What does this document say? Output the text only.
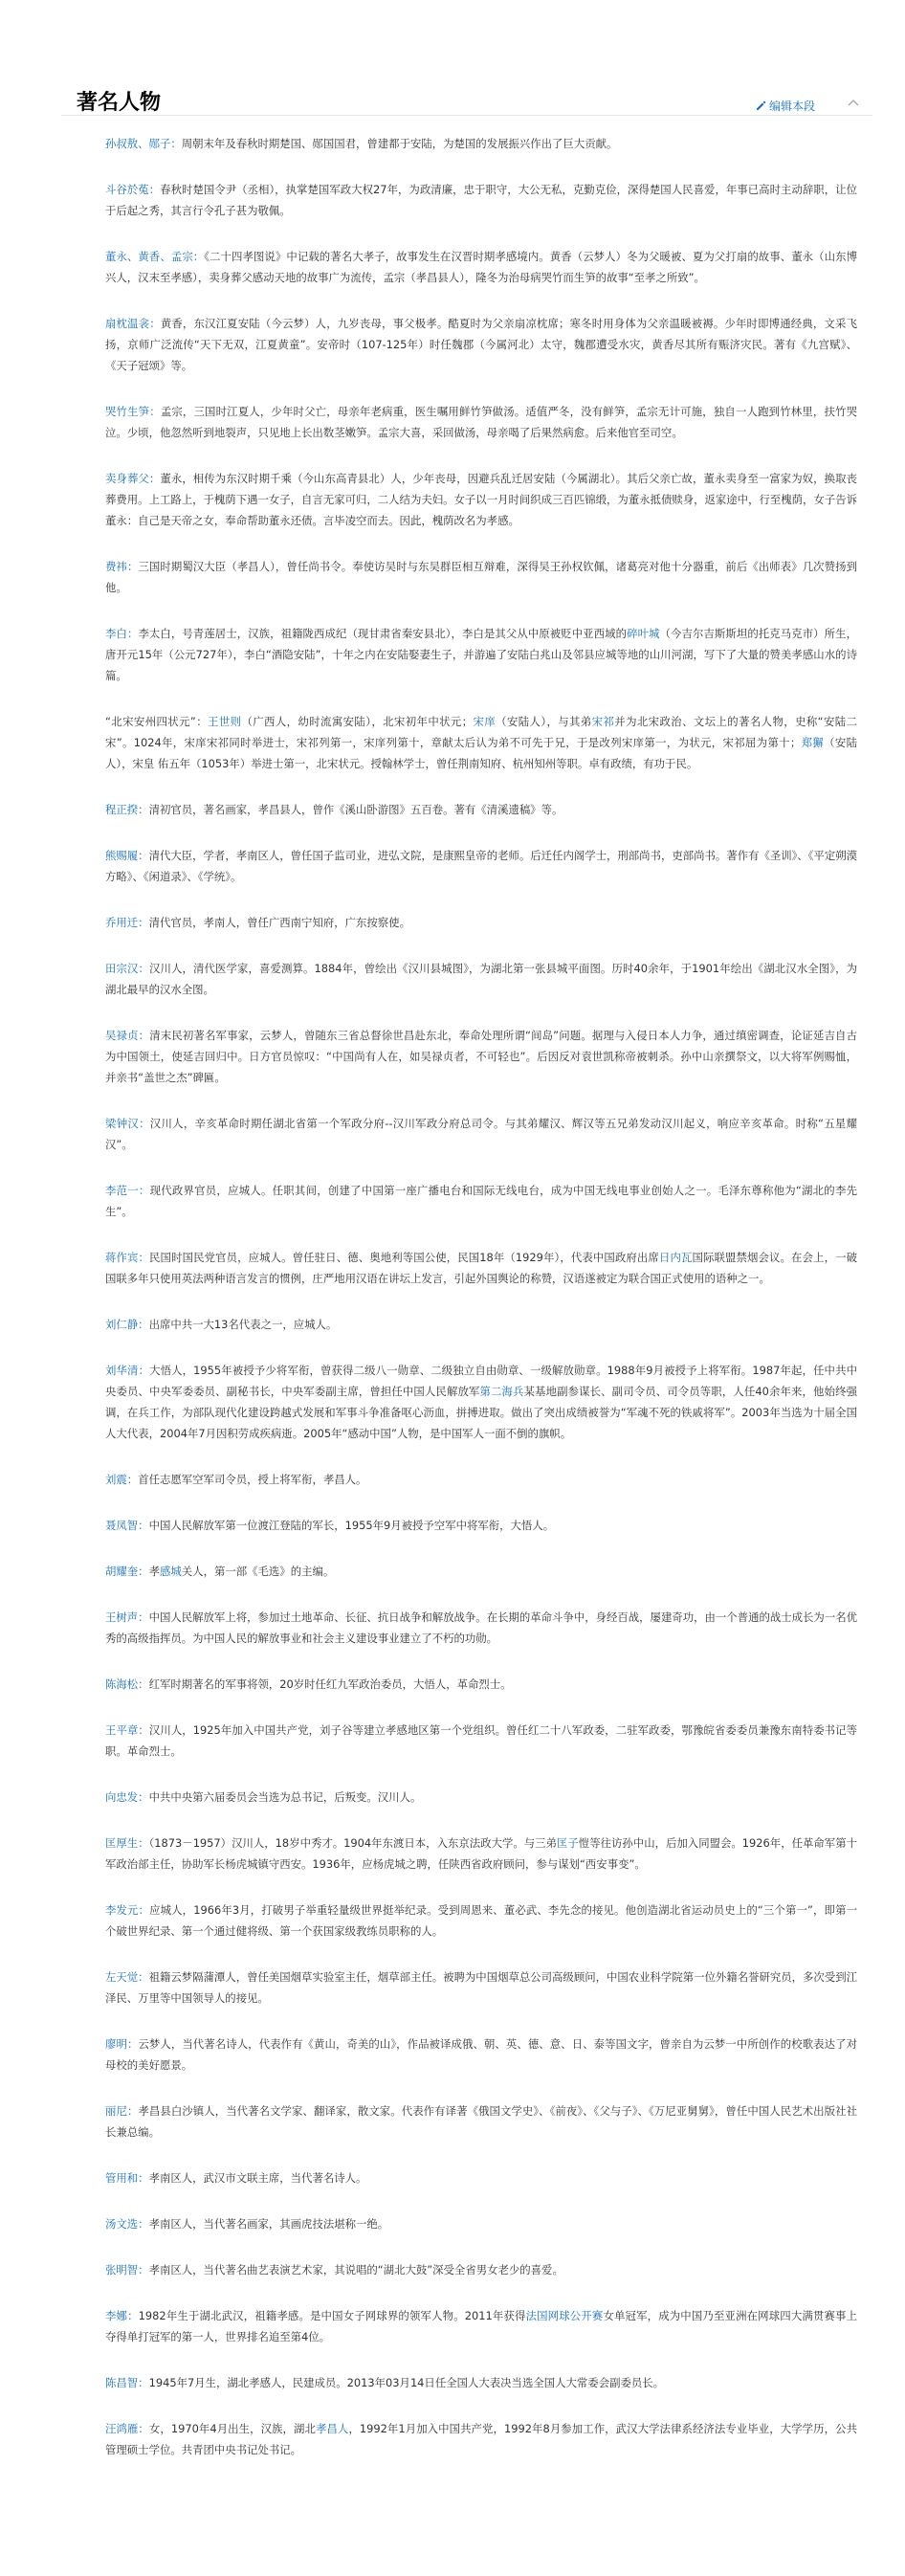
著名人物	编辑本段

孙叔敖、郧子：周朝末年及春秋时期楚国、郧国国君，曾建都于安陆，为楚国的发展振兴作出了巨大贡献。

斗谷於菟：春秋时楚国令尹（丞相），执掌楚国军政大权27年，为政清廉，忠于职守，大公无私，克勤克俭，深得楚国人民喜爱，年事已高时主动辞职，让位于后起之秀，其言行令孔子甚为敬佩。

董永、黄香、孟宗：《二十四孝图说》中记载的著名大孝子，故事发生在汉晋时期孝感境内。黄香（云梦人）冬为父暖被、夏为父打扇的故事、董永（山东博兴人，汉末至孝感），卖身葬父感动天地的故事广为流传，孟宗（孝昌县人），隆冬为治母病哭竹而生笋的故事“至孝之所致”。

扇枕温衾：黄香，东汉江夏安陆（今云梦）人，九岁丧母，事父极孝。酷夏时为父亲扇凉枕席；寒冬时用身体为父亲温暖被褥。少年时即博通经典，文采飞扬，京师广泛流传“天下无双，江夏黄童”。安帝时（107-125年）时任魏郡（今属河北）太守，魏郡遭受水灾，黄香尽其所有赈济灾民。著有《九宫赋》、《天子冠颂》等。

哭竹生笋：孟宗，三国时江夏人，少年时父亡，母亲年老病重，医生嘱用鲜竹笋做汤。适值严冬，没有鲜笋，孟宗无计可施，独自一人跑到竹林里，扶竹哭泣。少顷，他忽然听到地裂声，只见地上长出数茎嫩笋。孟宗大喜，采回做汤，母亲喝了后果然病愈。后来他官至司空。

卖身葬父：董永，相传为东汉时期千乘（今山东高青县北）人，少年丧母，因避兵乱迁居安陆（今属湖北）。其后父亲亡故，董永卖身至一富家为奴，换取丧葬费用。上工路上，于槐荫下遇一女子，自言无家可归，二人结为夫妇。女子以一月时间织成三百匹锦缎，为董永抵债赎身，返家途中，行至槐荫，女子告诉董永：自己是天帝之女，奉命帮助董永还债。言毕凌空而去。因此，槐荫改名为孝感。

费祎：三国时期蜀汉大臣（孝昌人），曾任尚书令。奉使访吴时与东吴群臣相互辩难，深得吴王孙权钦佩，诸葛亮对他十分器重，前后《出师表》几次赞扬到他。

李白：李太白，号青莲居士，汉族，祖籍陇西成纪（现甘肃省秦安县北），李白是其父从中原被贬中亚西域的碎叶城（今吉尔吉斯斯坦的托克马克市）所生，唐开元15年（公元727年），李白“酒隐安陆”，十年之内在安陆娶妻生子，并游遍了安陆白兆山及邻县应城等地的山川河湖，写下了大量的赞美孝感山水的诗篇。

“北宋安州四状元”：王世则（广西人，幼时流寓安陆），北宋初年中状元；宋庠（安陆人），与其弟宋祁并为北宋政治、文坛上的著名人物，史称“安陆二宋”。1024年，宋庠宋祁同时举进士，宋祁列第一，宋庠列第十，章献太后认为弟不可先于兄，于是改列宋庠第一，为状元，宋祁屈为第十；郑獬（安陆人），宋皇 佑五年（1053年）举进士第一，北宋状元。授翰林学士，曾任荆南知府、杭州知州等职。卓有政绩，有功于民。

程正揆：清初官员，著名画家，孝昌县人，曾作《溪山卧游图》五百卷。著有《清溪遗稿》等。

熊赐履：清代大臣，学者，孝南区人，曾任国子监司业，进弘文院，是康熙皇帝的老师。后迁任内阁学士，刑部尚书，吏部尚书。著作有《圣训》、《平定朔漠方略》、《闲道录》、《学统》。

乔用迁：清代官员，孝南人，曾任广西南宁知府，广东按察使。

田宗汉：汉川人，清代医学家，喜爱测算。1884年，曾绘出《汉川县城图》，为湖北第一张县城平面图。历时40余年，于1901年绘出《湖北汉水全图》，为湖北最早的汉水全图。

吴禄贞：清末民初著名军事家，云梦人，曾随东三省总督徐世昌赴东北，奉命处理所谓“间岛”问题。据理与入侵日本人力争，通过缜密调查，论证延吉自古为中国领土，使延吉回归中。日方官员惊叹：“中国尚有人在，如吴禄贞者，不可轻也”。后因反对袁世凯称帝被刺杀。孙中山亲撰祭文，以大将军例赐恤，并亲书“盖世之杰”碑匾。

梁钟汉：汉川人，辛亥革命时期任湖北省第一个军政分府--汉川军政分府总司令。与其弟耀汉、辉汉等五兄弟发动汉川起义，响应辛亥革命。时称“五星耀汉”。

李范一：现代政界官员，应城人。任职其间，创建了中国第一座广播电台和国际无线电台，成为中国无线电事业创始人之一。毛泽东尊称他为“湖北的李先生”。

蒋作宾：民国时国民党官员，应城人。曾任驻日、德、奥地利等国公使，民国18年（1929年），代表中国政府出席日内瓦国际联盟禁烟会议。在会上，一破国联多年只使用英法两种语言发言的惯例，庄严地用汉语在讲坛上发言，引起外国舆论的称赞，汉语遂被定为联合国正式使用的语种之一。

刘仁静：出席中共一大13名代表之一，应城人。

刘华清：大悟人，1955年被授予少将军衔，曾获得二级八一勋章、二级独立自由勋章、一级解放勋章。1988年9月被授予上将军衔。1987年起，任中共中央委员、中央军委委员、副秘书长，中央军委副主席，曾担任中国人民解放军第二海兵某基地副参谋长、副司令员、司令员等职，人任40余年来，他始终强调，在兵工作，为部队现代化建设跨越式发展和军事斗争准备呕心沥血，拼搏进取。做出了突出成绩被誉为“军魂不死的铁戚将军”。2003年当选为十届全国人大代表，2004年7月因积劳成疾病逝。2005年“感动中国”人物，是中国军人一面不倒的旗帜。

刘震：首任志愿军空军司令员，授上将军衔，孝昌人。

聂凤智：中国人民解放军第一位渡江登陆的军长，1955年9月被授予空军中将军衔，大悟人。

胡耀奎：孝感城关人，第一部《毛选》的主编。

王树声：中国人民解放军上将，参加过土地革命、长征、抗日战争和解放战争。在长期的革命斗争中，身经百战，屡建奇功，由一个普通的战士成长为一名优秀的高级指挥员。为中国人民的解放事业和社会主义建设事业建立了不朽的功勋。

陈海松：红军时期著名的军事将领，20岁时任红九军政治委员，大悟人，革命烈士。

王平章：汉川人，1925年加入中国共产党，刘子谷等建立孝感地区第一个党组织。曾任红二十八军政委，二驻军政委，鄂豫皖省委委员兼豫东南特委书记等职。革命烈士。

向忠发：中共中央第六届委员会当选为总书记，后叛变。汉川人。

匡厚生：（1873－1957）汉川人，18岁中秀才。1904年东渡日本，入东京法政大学。与三弟匡子愷等往访孙中山，后加入同盟会。1926年，任革命军第十军政治部主任，协助军长杨虎城镇守西安。1936年，应杨虎城之聘，任陕西省政府顾问，参与谋划“西安事变”。

李发元：应城人，1966年3月，打破男子举重轻量级世界挺举纪录。受到周恩来、董必武、李先念的接见。他创造湖北省运动员史上的“三个第一”，即第一个破世界纪录、第一个通过健将级、第一个获国家级教练员职称的人。

左天觉：祖籍云梦隔蒲潭人，曾任美国烟草实验室主任，烟草部主任。被聘为中国烟草总公司高级顾问，中国农业科学院第一位外籍名誉研究员，多次受到江泽民、万里等中国领导人的接见。

廖明：云梦人，当代著名诗人，代表作有《黄山，奇美的山》，作品被译成俄、朝、英、德、意、日、泰等国文字，曾亲自为云梦一中所创作的校歌表达了对母校的美好愿景。

丽尼：孝昌县白沙镇人，当代著名文学家、翻译家，散文家。代表作有译著《俄国文学史》、《前夜》、《父与子》、《万尼亚舅舅》，曾任中国人民艺术出版社社长兼总编。

管用和：孝南区人，武汉市文联主席，当代著名诗人。

汤文选：孝南区人，当代著名画家，其画虎技法堪称一绝。

张明智：孝南区人，当代著名曲艺表演艺术家，其说唱的“湖北大鼓”深受全省男女老少的喜爱。

李娜：1982年生于湖北武汉，祖籍孝感。是中国女子网球界的领军人物。2011年获得法国网球公开赛女单冠军，成为中国乃至亚洲在网球四大满贯赛事上夺得单打冠军的第一人，世界排名追至第4位。

陈昌智：1945年7月生，湖北孝感人，民建成员。2013年03月14日任全国人大表决当选全国人大常委会副委员长。

汪鸿雁：女，1970年4月出生，汉族，湖北孝昌人，1992年1月加入中国共产党，1992年8月参加工作，武汉大学法律系经济法专业毕业，大学学历，公共管理硕士学位。共青团中央书记处书记。
